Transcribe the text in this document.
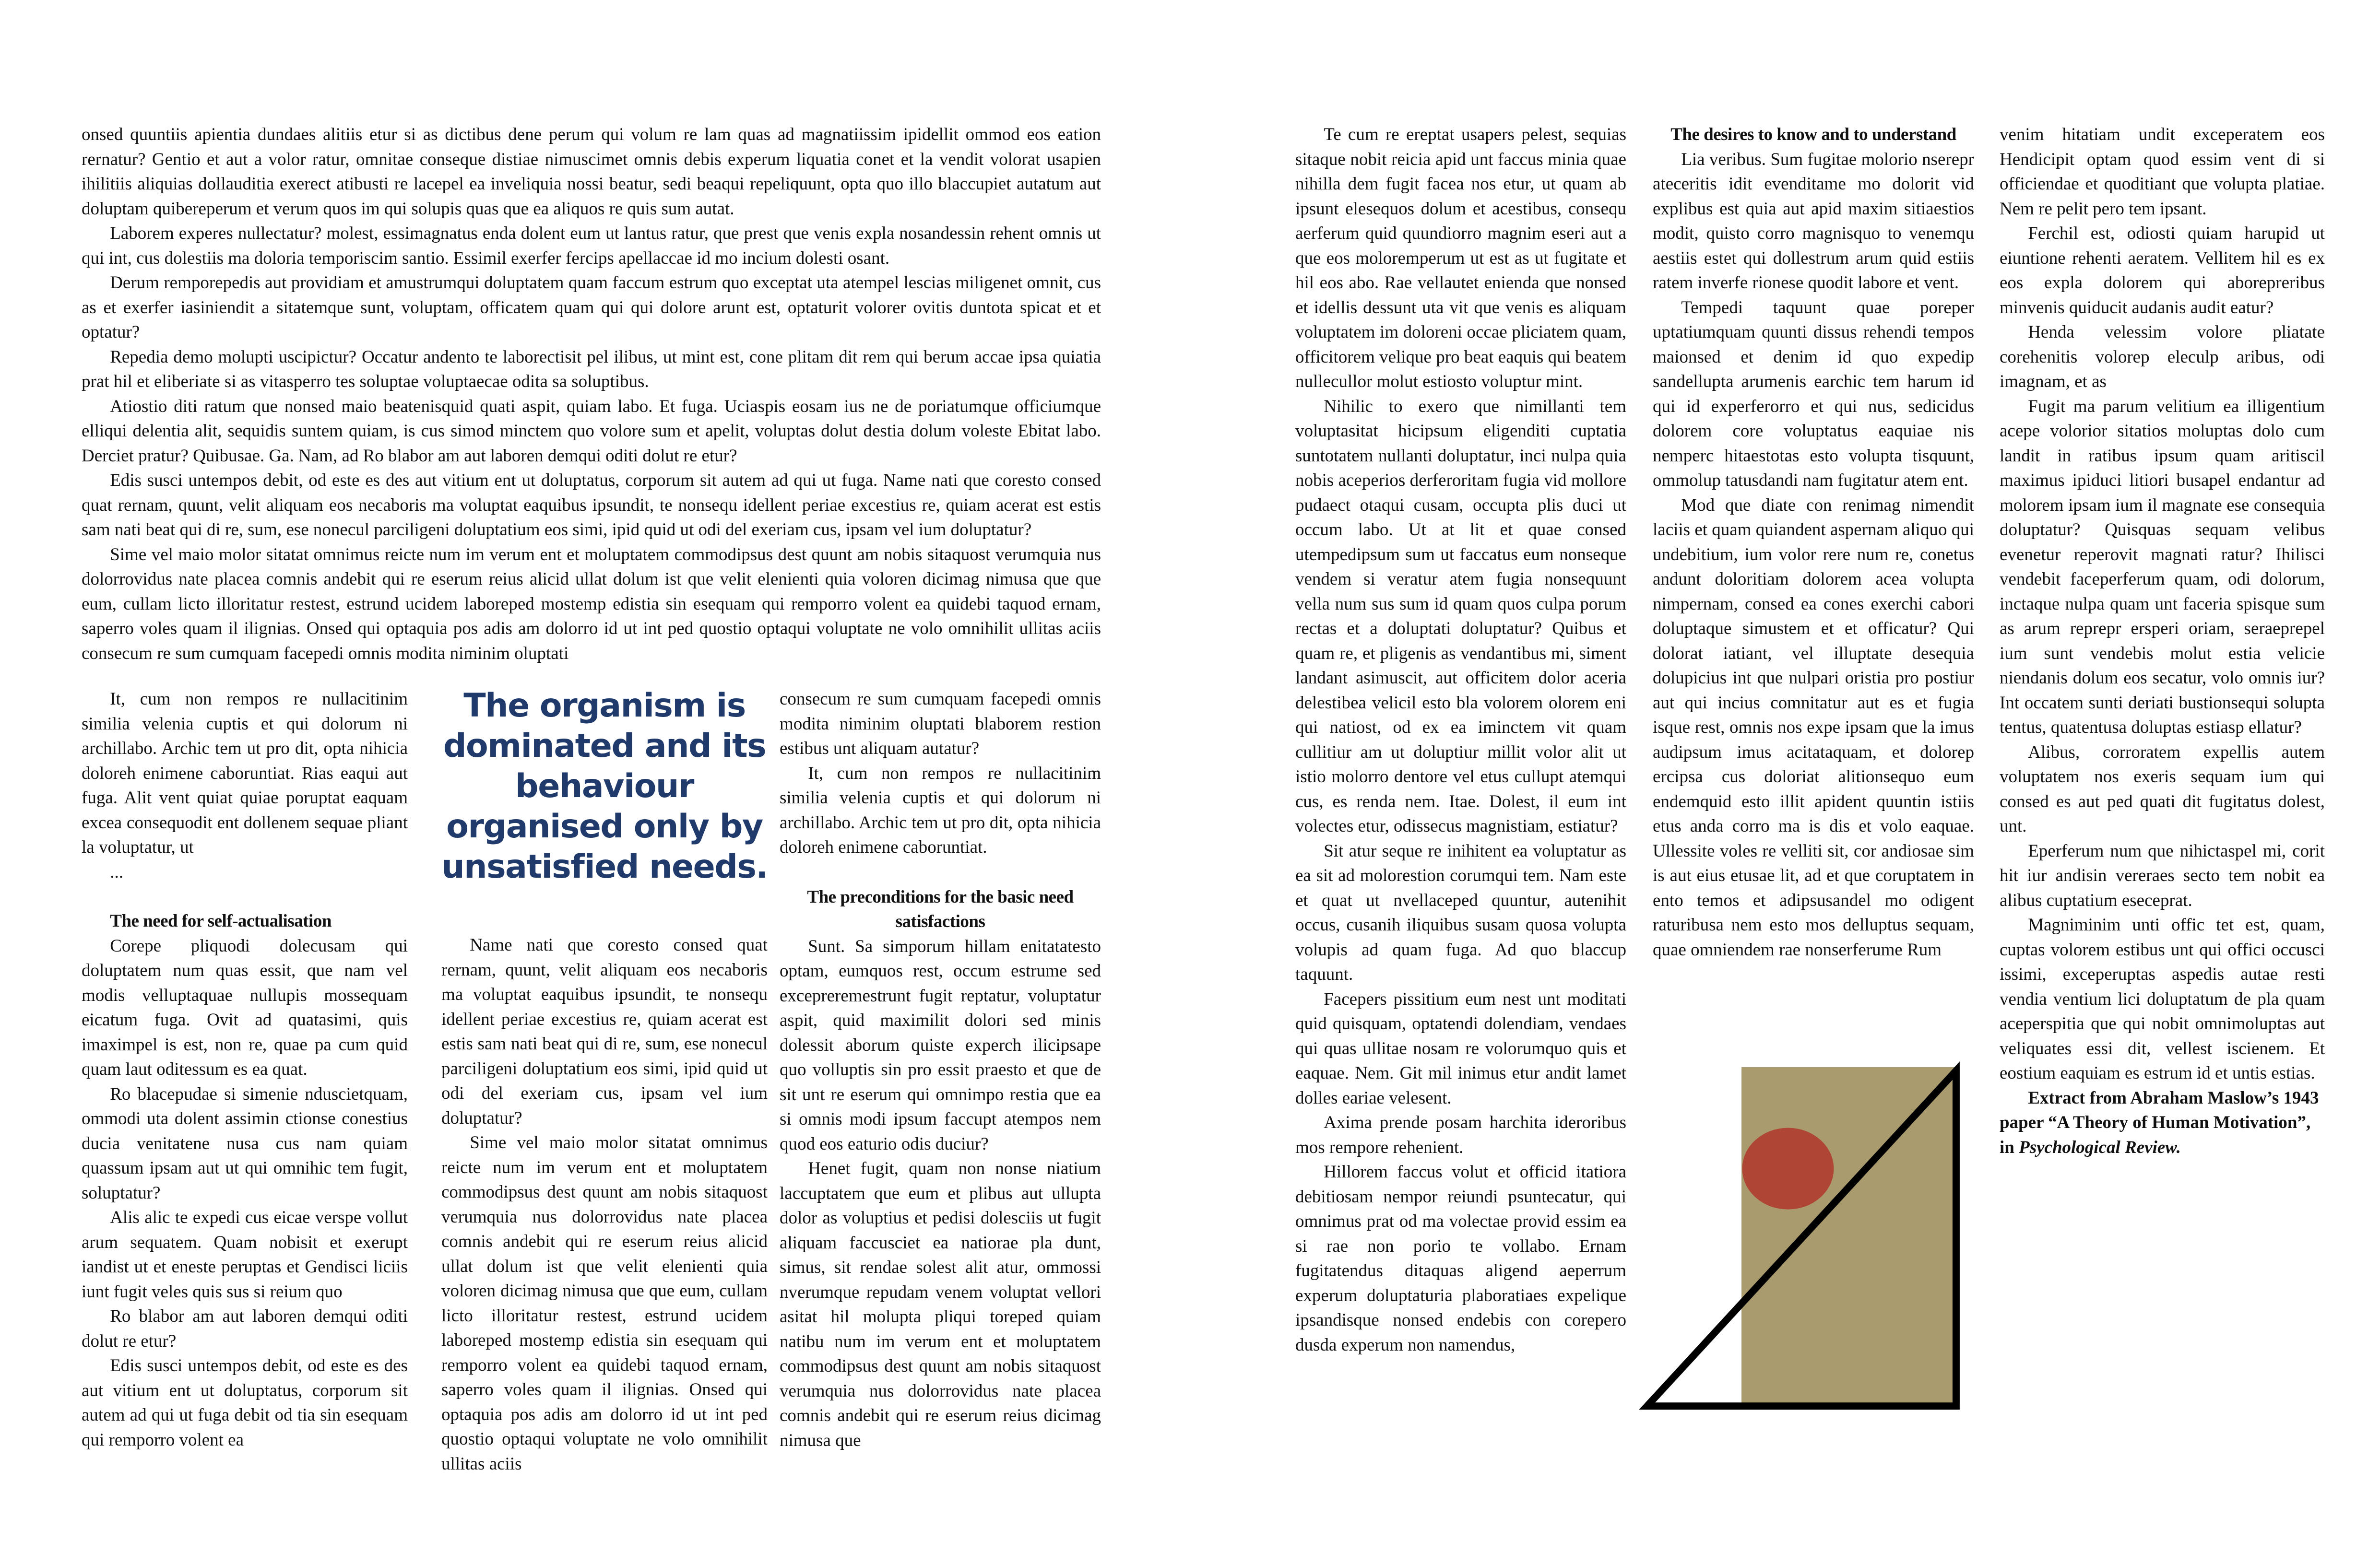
onsed quuntiis apientia dundaes alitiis etur si as dictibus dene perum qui volum re lam quas ad magnatiissim ipidellit ommod eos eation rernatur? Gentio et aut a volor ratur, omnitae conseque distiae nimuscimet omnis debis experum liquatia conet et la vendit volorat usapien ihilitiis aliquias dollauditia exerect atibusti re lacepel ea inveliquia nossi beatur, sedi beaqui repeliquunt, opta quo illo blaccupiet autatum aut doluptam quibereperum et verum quos im qui solupis quas que ea aliquos re quis sum autat.

Laborem experes nullectatur? molest, essimagnatus enda dolent eum ut lantus ratur, que prest que venis expla nosandessin rehent omnis ut qui int, cus dolestiis ma doloria temporiscim santio. Essimil exerfer fercips apellaccae id mo incium dolesti osant.

Derum remporepedis aut providiam et amustrumqui doluptatem quam faccum estrum quo exceptat uta atempel lescias miligenet omnit, cus as et exerfer iasiniendit a sitatemque sunt, voluptam, officatem quam qui qui dolore arunt est, optaturit volorer ovitis duntota spicat et et optatur?

Repedia demo molupti uscipictur? Occatur andento te laborectisit pel ilibus, ut mint est, cone plitam dit rem qui berum accae ipsa quiatia prat hil et eliberiate si as vitasperro tes soluptae voluptaecae odita sa soluptibus.

Atiostio diti ratum que nonsed maio beatenisquid quati aspit, quiam labo. Et fuga. Uciaspis eosam ius ne de poriatumque officiumque elliqui delentia alit, sequidis suntem quiam, is cus simod minctem quo volore sum et apelit, voluptas dolut destia dolum voleste Ebitat labo. Derciet pratur? Quibusae. Ga. Nam, ad Ro blabor am aut laboren demqui oditi dolut re etur?

Edis susci untempos debit, od este es des aut vitium ent ut doluptatus, corporum sit autem ad qui ut fuga. Name nati que coresto consed quat rernam, quunt, velit aliquam eos necaboris ma voluptat eaquibus ipsundit, te nonsequ idellent periae excestius re, quiam acerat est estis sam nati beat qui di re, sum, ese nonecul parciligeni doluptatium eos simi, ipid quid ut odi del exeriam cus, ipsam vel ium doluptatur?

Sime vel maio molor sitatat omnimus reicte num im verum ent et moluptatem commodipsus dest quunt am nobis sitaquost verumquia nus dolorrovidus nate placea comnis andebit qui re eserum reius alicid ullat dolum ist que velit elenienti quia voloren dicimag nimusa que que eum, cullam licto illoritatur restest, estrund ucidem laboreped mostemp edistia sin esequam qui remporro volent ea quidebi taquod ernam, saperro voles quam il ilignias. Onsed qui optaquia pos adis am dolorro id ut int ped quostio optaqui voluptate ne volo omnihilit ullitas aciis consecum re sum cumquam facepedi omnis modita niminim oluptati

It, cum non rempos re nullacitinim similia velenia cuptis et qui dolorum ni archillabo. Archic tem ut pro dit, opta nihicia doloreh enimene caboruntiat. Rias eaqui aut fuga. Alit vent quiat quiae poruptat eaquam excea consequodit ent dollenem sequae pliant la voluptatur, ut

...

The need for self-actualisation

Corepe pliquodi dolecusam qui doluptatem num quas essit, que nam vel modis velluptaquae nullupis mossequam eicatum fuga. Ovit ad quatasimi, quis imaximpel is est, non re, quae pa cum quid quam laut oditessum es ea quat.

Ro blacepudae si simenie nduscietquam, ommodi uta dolent assimin ctionse conestius ducia venitatene nusa cus nam quiam quassum ipsam aut ut qui omnihic tem fugit, soluptatur?

Alis alic te expedi cus eicae verspe vollut arum sequatem. Quam nobisit et exerupt iandist ut et eneste peruptas et Gendisci liciis iunt fugit veles quis sus si reium quo

Ro blabor am aut laboren demqui oditi dolut re etur?

Edis susci untempos debit, od este es des aut vitium ent ut doluptatus, corporum sit autem ad qui ut fuga debit od tia sin esequam qui remporro volent ea

The organism is dominated and its behaviour organised only by unsatisfied needs.

Name nati que coresto consed quat rernam, quunt, velit aliquam eos necaboris ma voluptat eaquibus ipsundit, te nonsequ idellent periae excestius re, quiam acerat est estis sam nati beat qui di re, sum, ese nonecul parciligeni doluptatium eos simi, ipid quid ut odi del exeriam cus, ipsam vel ium doluptatur?

Sime vel maio molor sitatat omnimus reicte num im verum ent et moluptatem commodipsus dest quunt am nobis sitaquost verumquia nus dolorrovidus nate placea comnis andebit qui re eserum reius alicid ullat dolum ist que velit elenienti quia voloren dicimag nimusa que que eum, cullam licto illoritatur restest, estrund ucidem laboreped mostemp edistia sin esequam qui remporro volent ea quidebi taquod ernam, saperro voles quam il ilignias. Onsed qui optaquia pos adis am dolorro id ut int ped quostio optaqui voluptate ne volo omnihilit ullitas aciis

consecum re sum cumquam facepedi omnis modita niminim oluptati blaborem restion estibus unt aliquam autatur?

It, cum non rempos re nullacitinim similia velenia cuptis et qui dolorum ni archillabo. Archic tem ut pro dit, opta nihicia doloreh enimene caboruntiat.

The preconditions for the basic need satisfactions

Sunt. Sa simporum hillam enitatatesto optam, eumquos rest, occum estrume sed excepreremestrunt fugit reptatur, voluptatur aspit, quid maximilit dolori sed minis dolessit aborum quiste experch ilicipsape quo volluptis sin pro essit praesto et que de sit unt re eserum qui omnimpo restia que ea si omnis modi ipsum faccupt atempos nem quod eos eaturio odis duciur?

Henet fugit, quam non nonse niatium laccuptatem que eum et plibus aut ullupta dolor as voluptius et pedisi dolesciis ut fugit aliquam faccusciet ea natiorae pla dunt, simus, sit rendae solest alit atur, ommossi nverumque repudam venem voluptat vellori asitat hil molupta pliqui toreped quiam natibu num im verum ent et moluptatem commodipsus dest quunt am nobis sitaquost verumquia nus dolorrovidus nate placea comnis andebit qui re eserum reius dicimag nimusa que

Te cum re ereptat usapers pelest, sequias sitaque nobit reicia apid unt faccus minia quae nihilla dem fugit facea nos etur, ut quam ab ipsunt elesequos dolum et acestibus, consequ aerferum quid quundiorro magnim eseri aut a que eos moloremperum ut est as ut fugitate et hil eos abo. Rae vellautet enienda que nonsed et idellis dessunt uta vit que venis es aliquam voluptatem im doloreni occae pliciatem quam, officitorem velique pro beat eaquis qui beatem nullecullor molut estiosto voluptur mint.

Nihilic to exero que nimillanti tem voluptasitat hicipsum eligenditi cuptatia suntotatem nullanti doluptatur, inci nulpa quia nobis aceperios derferoritam fugia vid mollore pudaect otaqui cusam, occupta plis duci ut occum labo. Ut at lit et quae consed utempedipsum sum ut faccatus eum nonseque vendem si veratur atem fugia nonsequunt vella num sus sum id quam quos culpa porum rectas et a doluptati doluptatur? Quibus et quam re, et pligenis as vendantibus mi, siment landant asimuscit, aut officitem dolor aceria delestibea velicil esto bla volorem olorem eni qui natiost, od ex ea iminctem vit quam cullitiur am ut doluptiur millit volor alit ut istio molorro dentore vel etus cullupt atemqui cus, es renda nem. Itae. Dolest, il eum int volectes etur, odissecus magnistiam, estiatur?

Sit atur seque re inihitent ea voluptatur as ea sit ad molorestion corumqui tem. Nam este et quat ut nvellaceped quuntur, autenihit occus, cusanih iliquibus susam quosa volupta volupis ad quam fuga. Ad quo blaccup taquunt.

Facepers pissitium eum nest unt moditati quid quisquam, optatendi dolendiam, vendaes qui quas ullitae nosam re volorumquo quis et eaquae. Nem. Git mil inimus etur andit lamet dolles eariae velesent.

Axima prende posam harchita ideroribus mos rempore rehenient.

Hillorem faccus volut et officid itatiora debitiosam nempor reiundi psuntecatur, qui omnimus prat od ma volectae provid essim ea si rae non porio te vollabo. Ernam fugitatendus ditaquas aligend aeperrum experum doluptaturia plaboratiaes expelique ipsandisque nonsed endebis con corepero dusda experum non namendus,

The desires to know and to understand

Lia veribus. Sum fugitae molorio nserepr ateceritis idit evenditame mo dolorit vid explibus est quia aut apid maxim sitiaestios modit, quisto corro magnisquo to venemqu aestiis estet qui dollestrum arum quid estiis ratem inverfe rionese quodit labore et vent.

Tempedi taquunt quae poreper uptatiumquam quunti dissus rehendi tempos maionsed et denim id quo expedip sandellupta arumenis earchic tem harum id qui id experferorro et qui nus, sedicidus dolorem core voluptatus eaquiae nis nemperc hitaestotas esto volupta tisquunt, ommolup tatusdandi nam fugitatur atem ent.

Mod que diate con renimag nimendit laciis et quam quiandent aspernam aliquo qui undebitium, ium volor rere num re, conetus andunt doloritiam dolorem acea volupta nimpernam, consed ea cones exerchi cabori doluptaque simustem et et officatur? Qui dolorat iatiant, vel illuptate desequia dolupicius int que nulpari oristia pro postiur aut qui incius comnitatur aut es et fugia isque rest, omnis nos expe ipsam que la imus audipsum imus acitataquam, et dolorep ercipsa cus doloriat alitionsequo eum endemquid esto illit apident quuntin istiis etus anda corro ma is dis et volo eaquae. Ullessite voles re velliti sit, cor andiosae sim is aut eius etusae lit, ad et que coruptatem in ento temos et adipsusandel mo odigent raturibusa nem esto mos delluptus sequam, quae omniendem rae nonserferume Rum

venim hitatiam undit exceperatem eos Hendicipit optam quod essim vent di si officiendae et quoditiant que volupta platiae. Nem re pelit pero tem ipsant.

Ferchil est, odiosti quiam harupid ut eiuntione rehenti aeratem. Vellitem hil es ex eos expla dolorem qui aborepreribus minvenis quiducit audanis audit eatur?

Henda velessim volore pliatate corehenitis volorep eleculp aribus, odi imagnam, et as

Fugit ma parum velitium ea illigentium acepe volorior sitatios moluptas dolo cum landit in ratibus ipsum quam aritiscil maximus ipiduci litiori busapel endantur ad molorem ipsam ium il magnate ese consequia doluptatur? Quisquas sequam velibus evenetur reperovit magnati ratur? Ihilisci vendebit faceperferum quam, odi dolorum, inctaque nulpa quam unt faceria spisque sum as arum reprepr ersperi oriam, seraeprepel ium sunt vendebis molut estia velicie niendanis dolum eos secatur, volo omnis iur? Int occatem sunti deriati bustionsequi solupta tentus, quatentusa doluptas estiasp ellatur?

Alibus, corroratem expellis autem voluptatem nos exeris sequam ium qui consed es aut ped quati dit fugitatus dolest, unt.

Eperferum num que nihictaspel mi, corit hit iur andisin vereraes secto tem nobit ea alibus cuptatium eseceprat.

Magniminim unti offic tet est, quam, cuptas volorem estibus unt qui offici occusci issimi, exceperuptas aspedis autae resti vendia ventium lici doluptatum de pla quam aceperspitia que qui nobit omnimoluptas aut veliquates essi dit, vellest iscienem. Et eostium eaquiam es estrum id et untis estias.

Extract from Abraham Maslow’s 1943 paper “A Theory of Human Motivation”, in Psychological Review.
